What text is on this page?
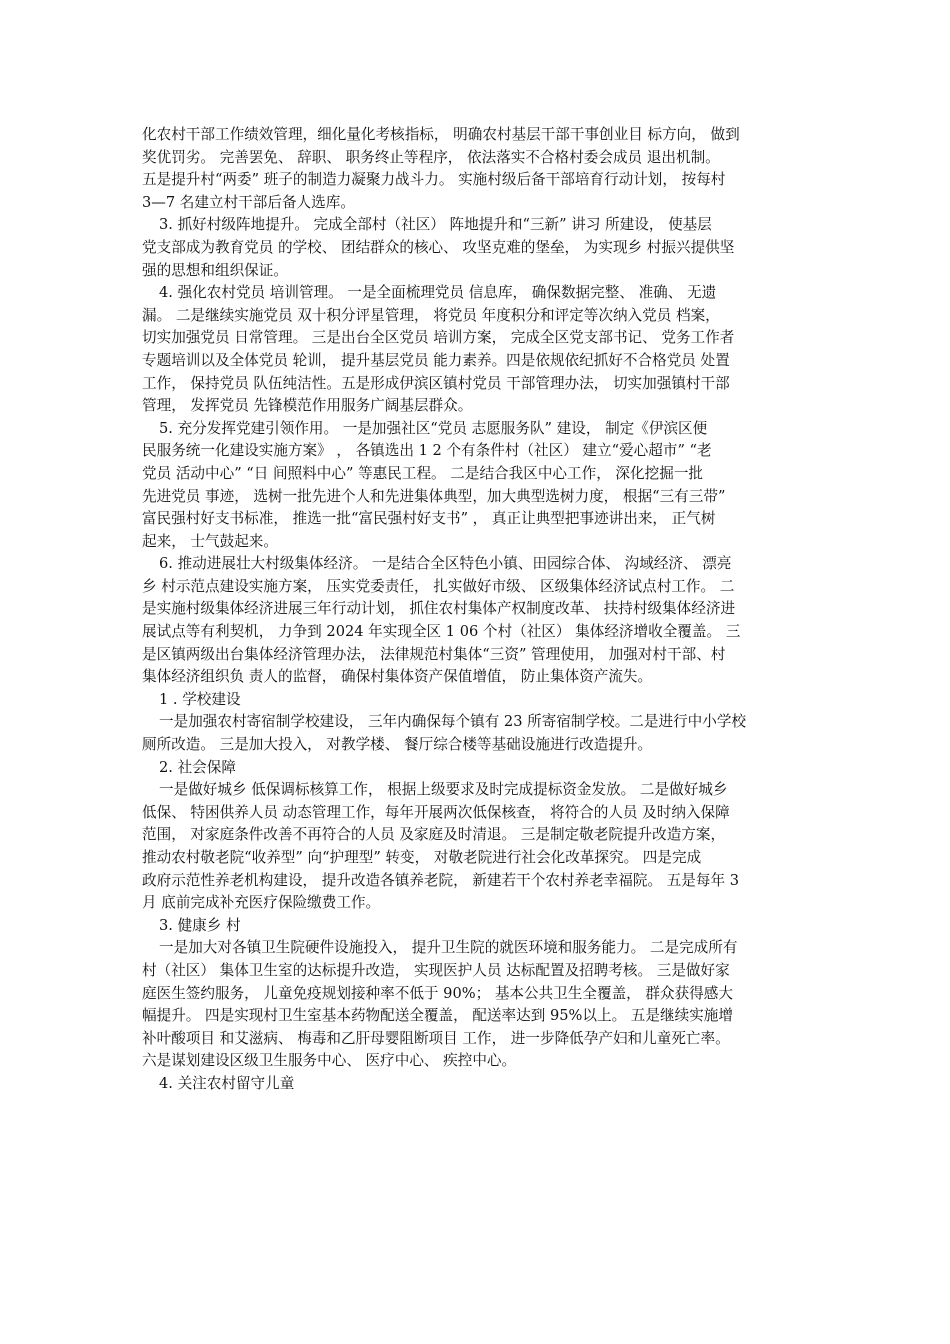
化农村干部工作绩效管理，细化量化考核指标， 明确农村基层干部干事创业目 标方向， 做到
奖优罚劣。 完善罢免、 辞职、 职务终止等程序， 依法落实不合格村委会成员 退出机制。
五是提升村“两委” 班子的制造力凝聚力战斗力。 实施村级后备干部培育行动计划， 按每村
3—7 名建立村干部后备人选库。
3. 抓好村级阵地提升。 完成全部村（社区） 阵地提升和“三新” 讲习 所建设， 使基层
党支部成为教育党员 的学校、 团结群众的核心、 攻坚克难的堡垒， 为实现乡 村振兴提供坚
强的思想和组织保证。
4. 强化农村党员 培训管理。 一是全面梳理党员 信息库， 确保数据完整、 准确、 无遗
漏。 二是继续实施党员 双十积分评星管理， 将党员 年度积分和评定等次纳入党员 档案，
切实加强党员 日常管理。 三是出台全区党员 培训方案， 完成全区党支部书记、 党务工作者
专题培训以及全体党员 轮训， 提升基层党员 能力素养。四是依规依纪抓好不合格党员 处置
工作， 保持党员 队伍纯洁性。五是形成伊滨区镇村党员 干部管理办法， 切实加强镇村干部
管理， 发挥党员 先锋模范作用服务广阔基层群众。
5. 充分发挥党建引领作用。 一是加强社区“党员 志愿服务队” 建设， 制定《伊滨区便
民服务统一化建设实施方案》 ， 各镇选出 1 2 个有条件村（社区） 建立“爱心超市” “老
党员 活动中心” “日 间照料中心” 等惠民工程。 二是结合我区中心工作， 深化挖掘一批
先进党员 事迹， 选树一批先进个人和先进集体典型，加大典型选树力度， 根据“三有三带”
富民强村好支书标准， 推选一批“富民强村好支书” ， 真正让典型把事迹讲出来， 正气树
起来， 士气鼓起来。
6. 推动进展壮大村级集体经济。 一是结合全区特色小镇、田园综合体、 沟域经济、 漂亮
乡 村示范点建设实施方案， 压实党委责任， 扎实做好市级、 区级集体经济试点村工作。 二
是实施村级集体经济进展三年行动计划， 抓住农村集体产权制度改革、 扶持村级集体经济进
展试点等有利契机， 力争到 2024 年实现全区 1 06 个村（社区） 集体经济增收全覆盖。 三
是区镇两级出台集体经济管理办法， 法律规范村集体“三资” 管理使用， 加强对村干部、村
集体经济组织负 责人的监督， 确保村集体资产保值增值， 防止集体资产流失。
1 . 学校建设
一是加强农村寄宿制学校建设， 三年内确保每个镇有 23 所寄宿制学校。二是进行中小学校
厕所改造。 三是加大投入， 对教学楼、 餐厅综合楼等基础设施进行改造提升。
2. 社会保障
一是做好城乡 低保调标核算工作， 根据上级要求及时完成提标资金发放。 二是做好城乡
低保、 特困供养人员 动态管理工作，每年开展两次低保核查， 将符合的人员 及时纳入保障
范围， 对家庭条件改善不再符合的人员 及家庭及时清退。 三是制定敬老院提升改造方案，
推动农村敬老院“收养型” 向“护理型” 转变， 对敬老院进行社会化改革探究。 四是完成
政府示范性养老机构建设， 提升改造各镇养老院， 新建若干个农村养老幸福院。 五是每年 3
月 底前完成补充医疗保险缴费工作。
3. 健康乡 村
一是加大对各镇卫生院硬件设施投入， 提升卫生院的就医环境和服务能力。 二是完成所有
村（社区） 集体卫生室的达标提升改造， 实现医护人员 达标配置及招聘考核。 三是做好家
庭医生签约服务， 儿童免疫规划接种率不低于 90%； 基本公共卫生全覆盖， 群众获得感大
幅提升。 四是实现村卫生室基本药物配送全覆盖， 配送率达到 95%以上。 五是继续实施增
补叶酸项目 和艾滋病、 梅毒和乙肝母婴阻断项目 工作， 进一步降低孕产妇和儿童死亡率。
六是谋划建设区级卫生服务中心、 医疗中心、 疾控中心。
4. 关注农村留守儿童
